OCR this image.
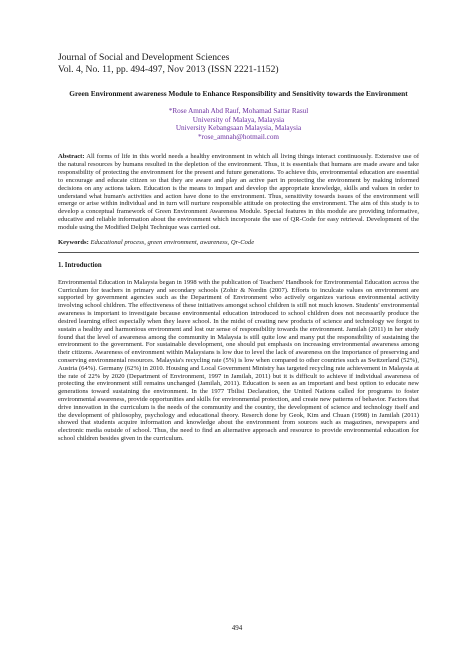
Journal of Social and Development Sciences
Vol. 4, No. 11, pp. 494-497, Nov 2013 (ISSN 2221-1152)
Green Environment awareness Module to Enhance Responsibility and Sensitivity towards the Environment
*Rose Amnah Abd Rauf, Mohamad Sattar Rasul
University of Malaya, Malaysia
University Kebangsaan Malaysia, Malaysia
*rose_amnah@hotmail.com
Abstract: All forms of life in this world needs a healthy environment in which all living things interact continuously. Extensive use of the natural resources by humans resulted in the depletion of the environment. Thus, it is essentials that humans are made aware and take responsibility of protecting the environment for the present and future generations. To achieve this, environmental education are essential to encourage and educate citizen so that they are aware and play an active part in protecting the environment by making informed decisions on any actions taken. Education is the means to impart and develop the appropriate knowledge, skills and values in order to understand what human's activities and action have done to the environment. Thus, sensitivity towards issues of the environment will emerge or arise within individual and in turn will nurture responsible attitude on protecting the environment. The aim of this study is to develop a conceptual framework of Green Environment Awareness Module. Special features in this module are providing informative, educative and reliable information about the environment which incorporate the use of QR-Code for easy retrieval. Development of the module using the Modified Delphi Technique was carried out.
Keywords: Educational process, green environment, awareness, Qr-Code
1. Introduction
Environmental Education in Malaysia began in 1998 with the publication of Teachers' Handbook for Environmental Education across the Curriculum for teachers in primary and secondary schools (Zohir & Nordin (2007). Efforts to inculcate values on environment are supported by government agencies such as the Department of Environment who actively organizes various environmental activity involving school children. The effectiveness of these initiatives amongst school children is still not much known. Students' environmental awareness is important to investigate because environmental education introduced to school children does not necessarily produce the desired learning effect especially when they leave school. In the midst of creating new products of science and technology we forgot to sustain a healthy and harmonious environment and lost our sense of responsibiltiy towards the environment. Jamilah (2011) in her study found that the level of awareness among the community in Malaysia is still quite low and many put the responsibility of sustaining the environment to the government. For sustainable development, one should put emphasis on increasing environmental awareness among their citizens. Awareness of environment within Malaysians is low due to level the lack of awareness on the importance of preserving and conserving environmental resources. Malaysia's recycling rate (5%) is low when compared to other countries such as Switzerland (52%), Austria (64%). Germany (62%) in 2010. Housing and Local Government Ministry has targeted recycling rate achievement in Malaysia at the rate of 22% by 2020 (Department of Environment, 1997 in Jamilah, 2011) but it is difficult to achieve if individual awareness of protecting the environment still remains unchanged (Jamilah, 2011). Education is seen as an important and best option to educate new generations toward sustaining the environment. In the 1977 Tbilisi Declaration, the United Nations called for programs to foster environmental awareness, provide opportunities and skills for environmental protection, and create new patterns of behavior. Factors that drive innovation in the curriculum is the needs of the community and the country, the development of science and technology itself and the development of philosophy, psychology and educational theory. Reserch done by Geok, Kim and Chuan (1998) in Jamilah (2011) showed that students acquire information and knowledge about the environment from sources such as magazines, newspapers and electronic media outside of school. Thus, the need to find an alternative approach and resource to provide environmental education for school children besides given in the curriculum.
494
